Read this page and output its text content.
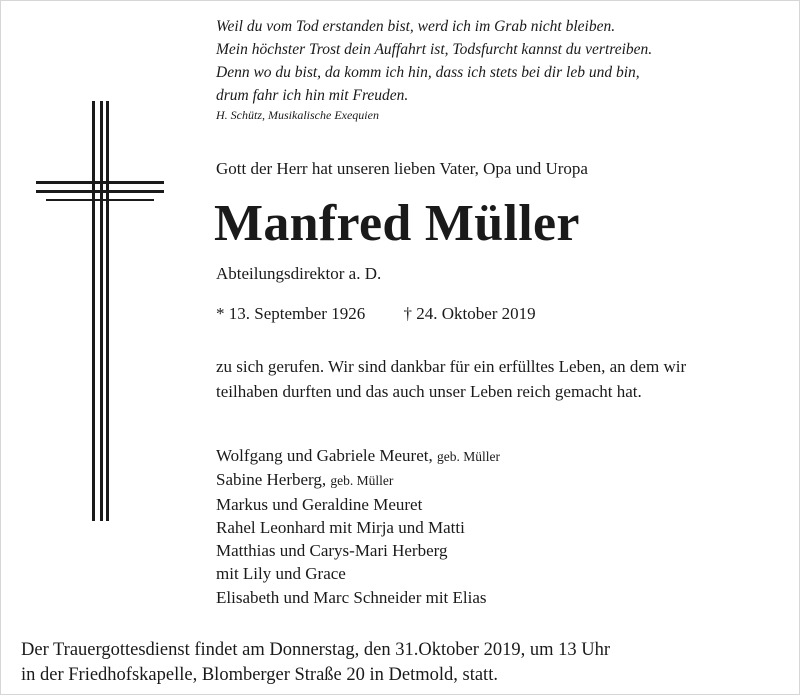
Weil du vom Tod erstanden bist, werd ich im Grab nicht bleiben.
Mein höchster Trost dein Auffahrt ist, Todsfurcht kannst du vertreiben.
Denn wo du bist, da komm ich hin, dass ich stets bei dir leb und bin,
drum fahr ich hin mit Freuden.
H. Schütz, Musikalische Exequien
Gott der Herr hat unseren lieben Vater, Opa und Uropa
Manfred Müller
Abteilungsdirektor a. D.
* 13. September 1926 † 24. Oktober 2019
zu sich gerufen. Wir sind dankbar für ein erfülltes Leben, an dem wir
teilhaben durften und das auch unser Leben reich gemacht hat.
Wolfgang und Gabriele Meuret, geb. Müller
Sabine Herberg, geb. Müller
Markus und Geraldine Meuret
Rahel Leonhard mit Mirja und Matti
Matthias und Carys-Mari Herberg
mit Lily und Grace
Elisabeth und Marc Schneider mit Elias
Der Trauergottesdienst findet am Donnerstag, den 31.Oktober 2019, um 13 Uhr
in der Friedhofskapelle, Blomberger Straße 20 in Detmold, statt.
